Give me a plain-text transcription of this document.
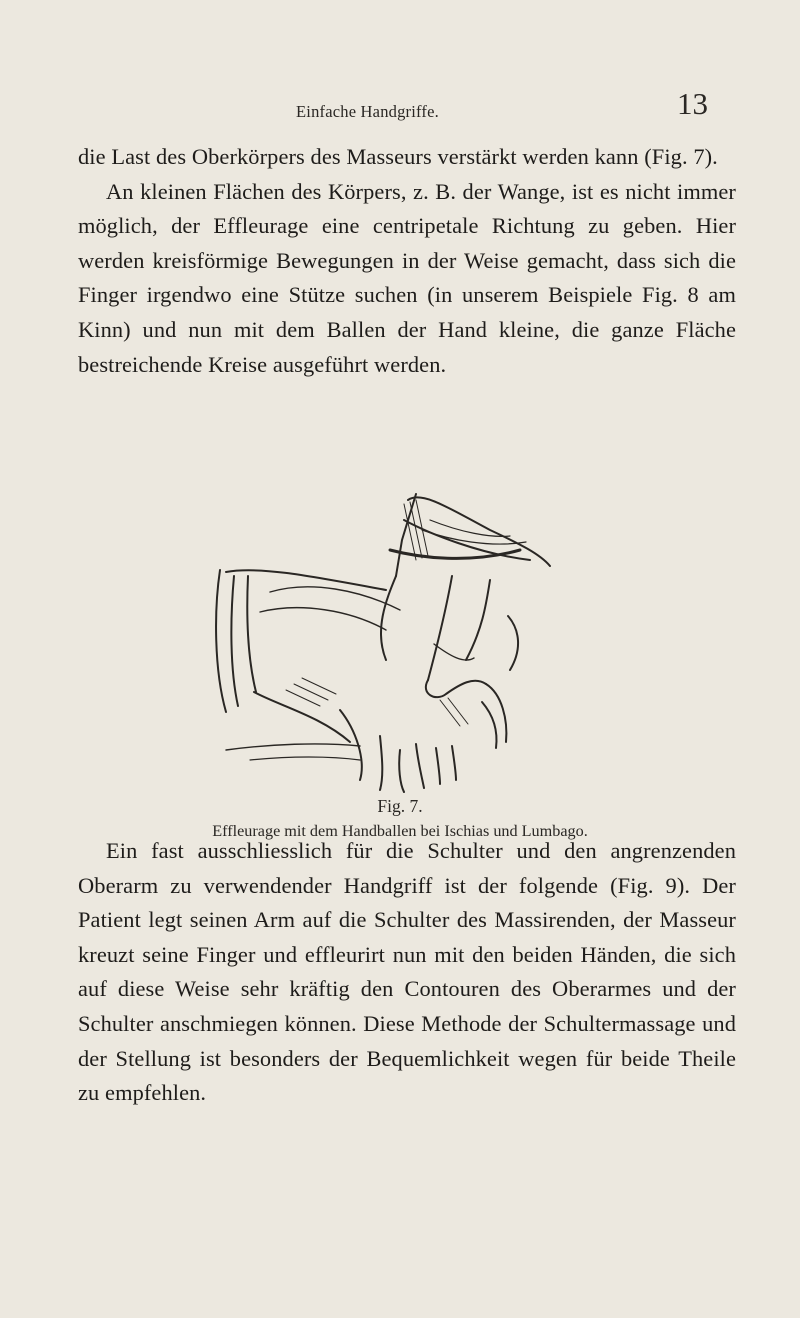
Einfache Handgriffe.	13

die Last des Oberkörpers des Masseurs verstärkt werden kann (Fig. 7).

An kleinen Flächen des Körpers, z. B. der Wange, ist es nicht immer möglich, der Effleurage eine centripetale Richtung zu geben. Hier werden kreisförmige Bewegungen in der Weise gemacht, dass sich die Finger irgendwo eine Stütze suchen (in unserem Beispiele Fig. 8 am Kinn) und nun mit dem Ballen der Hand kleine, die ganze Fläche bestreichende Kreise ausgeführt werden.

Fig. 7.
Effleurage mit dem Handballen bei Ischias und Lumbago.

Ein fast ausschliesslich für die Schulter und den angrenzenden Oberarm zu verwendender Handgriff ist der folgende (Fig. 9). Der Patient legt seinen Arm auf die Schulter des Massirenden, der Masseur kreuzt seine Finger und effleurirt nun mit den beiden Händen, die sich auf diese Weise sehr kräftig den Contouren des Oberarmes und der Schulter anschmiegen können. Diese Methode der Schultermassage und der Stellung ist besonders der Bequemlichkeit wegen für beide Theile zu empfehlen.
